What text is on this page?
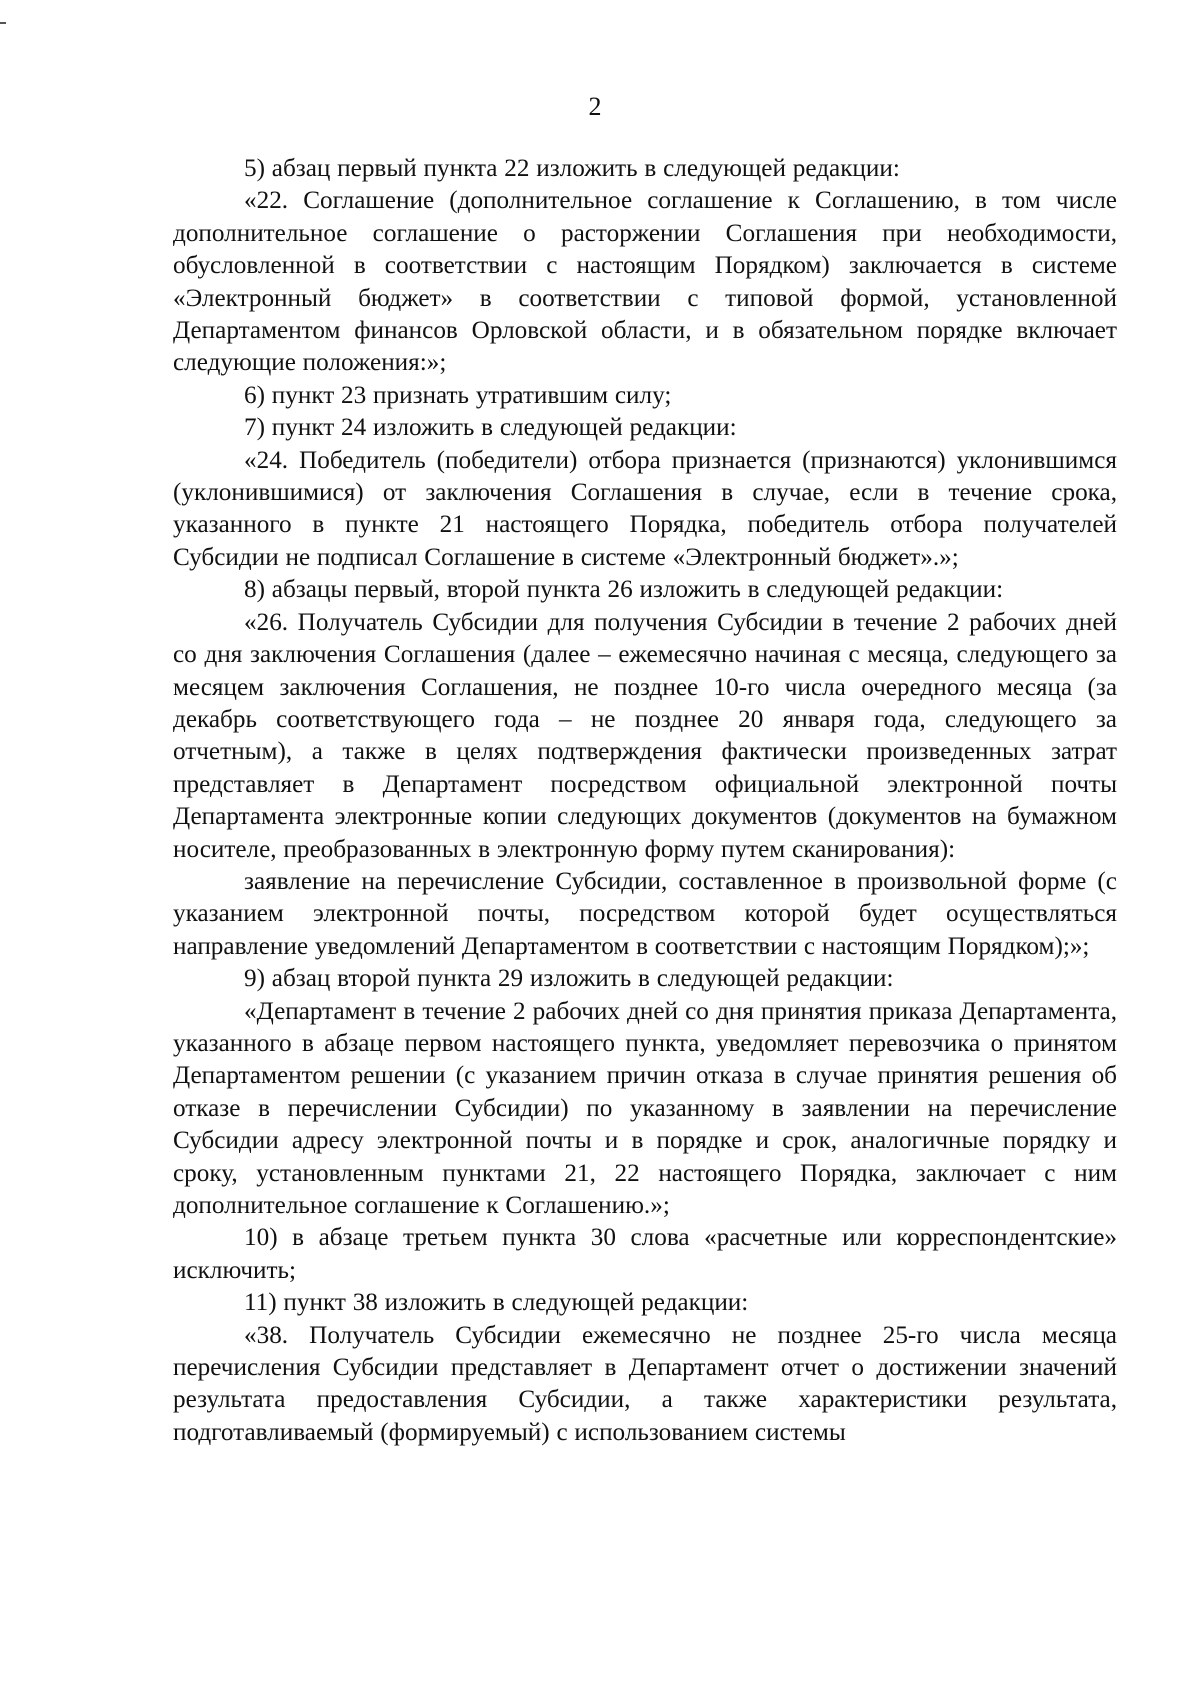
2

5) абзац первый пункта 22 изложить в следующей редакции:

«22. Соглашение (дополнительное соглашение к Соглашению, в том числе дополнительное соглашение о расторжении Соглашения при необходимости, обусловленной в соответствии с настоящим Порядком) заключается в системе «Электронный бюджет» в соответствии с типовой формой, установленной Департаментом финансов Орловской области, и в обязательном порядке включает следующие положения:»;

6) пункт 23 признать утратившим силу;

7) пункт 24 изложить в следующей редакции:

«24. Победитель (победители) отбора признается (признаются) уклонившимся (уклонившимися) от заключения Соглашения в случае, если в течение срока, указанного в пункте 21 настоящего Порядка, победитель отбора получателей Субсидии не подписал Соглашение в системе «Электронный бюджет».»;

8) абзацы первый, второй пункта 26 изложить в следующей редакции:

«26. Получатель Субсидии для получения Субсидии в течение 2 рабочих дней со дня заключения Соглашения (далее – ежемесячно начиная с месяца, следующего за месяцем заключения Соглашения, не позднее 10-го числа очередного месяца (за декабрь соответствующего года – не позднее 20 января года, следующего за отчетным), а также в целях подтверждения фактически произведенных затрат представляет в Департамент посредством официальной электронной почты Департамента электронные копии следующих документов (документов на бумажном носителе, преобразованных в электронную форму путем сканирования):

заявление на перечисление Субсидии, составленное в произвольной форме (с указанием электронной почты, посредством которой будет осуществляться направление уведомлений Департаментом в соответствии с настоящим Порядком);»;

9) абзац второй пункта 29 изложить в следующей редакции:

«Департамент в течение 2 рабочих дней со дня принятия приказа Департамента, указанного в абзаце первом настоящего пункта, уведомляет перевозчика о принятом Департаментом решении (с указанием причин отказа в случае принятия решения об отказе в перечислении Субсидии) по указанному в заявлении на перечисление Субсидии адресу электронной почты и в порядке и срок, аналогичные порядку и сроку, установленным пунктами 21, 22 настоящего Порядка, заключает с ним дополнительное соглашение к Соглашению.»;

10) в абзаце третьем пункта 30 слова «расчетные или корреспондентские» исключить;

11) пункт 38 изложить в следующей редакции:

«38. Получатель Субсидии ежемесячно не позднее 25-го числа месяца перечисления Субсидии представляет в Департамент отчет о достижении значений результата предоставления Субсидии, а также характеристики результата, подготавливаемый (формируемый) с использованием системы
